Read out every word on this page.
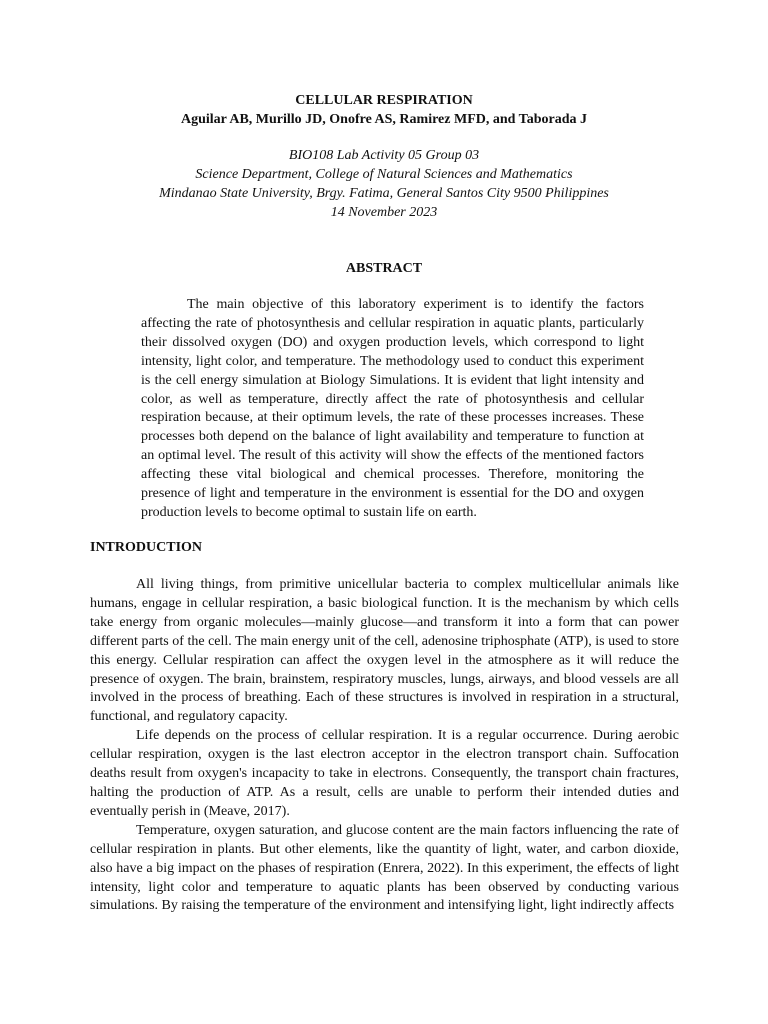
CELLULAR RESPIRATION
Aguilar AB, Murillo JD, Onofre AS, Ramirez MFD, and Taborada J
BIO108 Lab Activity 05 Group 03
Science Department, College of Natural Sciences and Mathematics
Mindanao State University, Brgy. Fatima, General Santos City 9500 Philippines
14 November 2023
ABSTRACT

The main objective of this laboratory experiment is to identify the factors affecting the rate of photosynthesis and cellular respiration in aquatic plants, particularly their dissolved oxygen (DO) and oxygen production levels, which correspond to light intensity, light color, and temperature. The methodology used to conduct this experiment is the cell energy simulation at Biology Simulations. It is evident that light intensity and color, as well as temperature, directly affect the rate of photosynthesis and cellular respiration because, at their optimum levels, the rate of these processes increases. These processes both depend on the balance of light availability and temperature to function at an optimal level. The result of this activity will show the effects of the mentioned factors affecting these vital biological and chemical processes. Therefore, monitoring the presence of light and temperature in the environment is essential for the DO and oxygen production levels to become optimal to sustain life on earth.

INTRODUCTION

All living things, from primitive unicellular bacteria to complex multicellular animals like humans, engage in cellular respiration, a basic biological function. It is the mechanism by which cells take energy from organic molecules—mainly glucose—and transform it into a form that can power different parts of the cell. The main energy unit of the cell, adenosine triphosphate (ATP), is used to store this energy. Cellular respiration can affect the oxygen level in the atmosphere as it will reduce the presence of oxygen. The brain, brainstem, respiratory muscles, lungs, airways, and blood vessels are all involved in the process of breathing. Each of these structures is involved in respiration in a structural, functional, and regulatory capacity.

Life depends on the process of cellular respiration. It is a regular occurrence. During aerobic cellular respiration, oxygen is the last electron acceptor in the electron transport chain. Suffocation deaths result from oxygen's incapacity to take in electrons. Consequently, the transport chain fractures, halting the production of ATP. As a result, cells are unable to perform their intended duties and eventually perish in (Meave, 2017).

Temperature, oxygen saturation, and glucose content are the main factors influencing the rate of cellular respiration in plants. But other elements, like the quantity of light, water, and carbon dioxide, also have a big impact on the phases of respiration (Enrera, 2022). In this experiment, the effects of light intensity, light color and temperature to aquatic plants has been observed by conducting various simulations. By raising the temperature of the environment and intensifying light, light indirectly affects
